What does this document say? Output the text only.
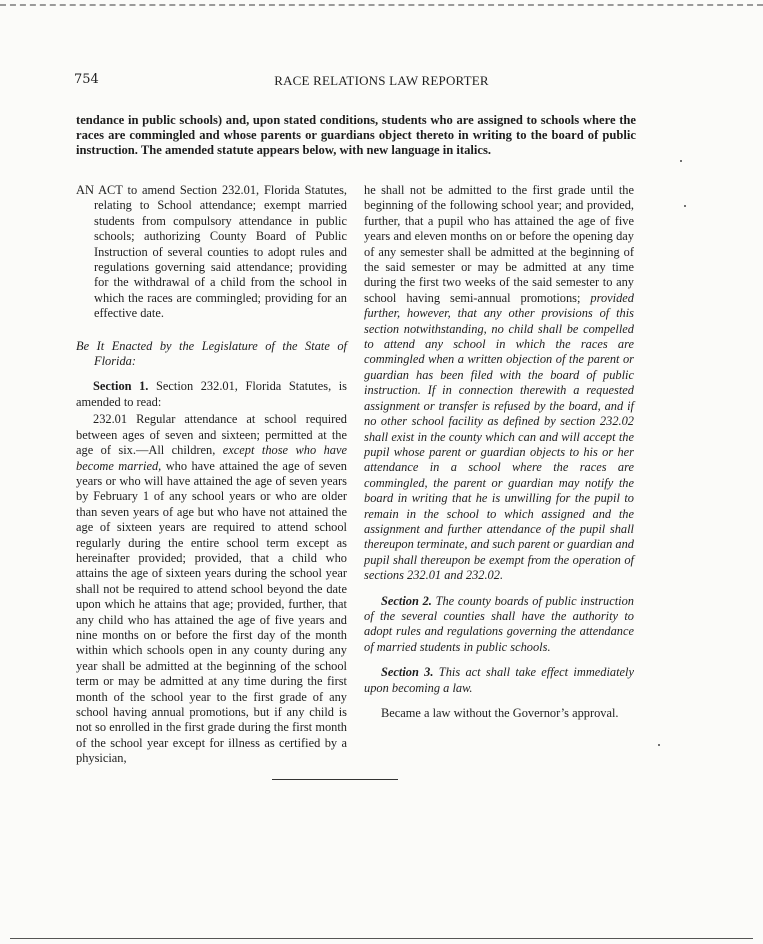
754	RACE RELATIONS LAW REPORTER
tendance in public schools) and, upon stated conditions, students who are assigned to schools where the races are commingled and whose parents or guardians object thereto in writing to the board of public instruction. The amended statute appears below, with new language in italics.

AN ACT to amend Section 232.01, Florida Statutes, relating to School attendance; exempt married students from compulsory attendance in public schools; authorizing County Board of Public Instruction of several counties to adopt rules and regulations governing said attendance; providing for the withdrawal of a child from the school in which the races are commingled; providing for an effective date.

Be It Enacted by the Legislature of the State of Florida:

Section 1. Section 232.01, Florida Statutes, is amended to read:

232.01 Regular attendance at school required between ages of seven and sixteen; permitted at the age of six.—All children, except those who have become married, who have attained the age of seven years or who will have attained the age of seven years by February 1 of any school years or who are older than seven years of age but who have not attained the age of sixteen years are required to attend school regularly during the entire school term except as hereinafter provided; provided, that a child who attains the age of sixteen years during the school year shall not be required to attend school beyond the date upon which he attains that age; provided, further, that any child who has attained the age of five years and nine months on or before the first day of the month within which schools open in any county during any year shall be admitted at the beginning of the school term or may be admitted at any time during the first month of the school year to the first grade of any school having annual promotions, but if any child is not so enrolled in the first grade during the first month of the school year except for illness as certified by a physician,

he shall not be admitted to the first grade until the beginning of the following school year; and provided, further, that a pupil who has attained the age of five years and eleven months on or before the opening day of any semester shall be admitted at the beginning of the said semester or may be admitted at any time during the first two weeks of the said semester to any school having semi-annual promotions; provided further, however, that any other provisions of this section notwithstanding, no child shall be compelled to attend any school in which the races are commingled when a written objection of the parent or guardian has been filed with the board of public instruction. If in connection therewith a requested assignment or transfer is refused by the board, and if no other school facility as defined by section 232.02 shall exist in the county which can and will accept the pupil whose parent or guardian objects to his or her attendance in a school where the races are commingled, the parent or guardian may notify the board in writing that he is unwilling for the pupil to remain in the school to which assigned and the assignment and further attendance of the pupil shall thereupon terminate, and such parent or guardian and pupil shall thereupon be exempt from the operation of sections 232.01 and 232.02.

Section 2. The county boards of public instruction of the several counties shall have the authority to adopt rules and regulations governing the attendance of married students in public schools.

Section 3. This act shall take effect immediately upon becoming a law.

Became a law without the Governor’s approval.
